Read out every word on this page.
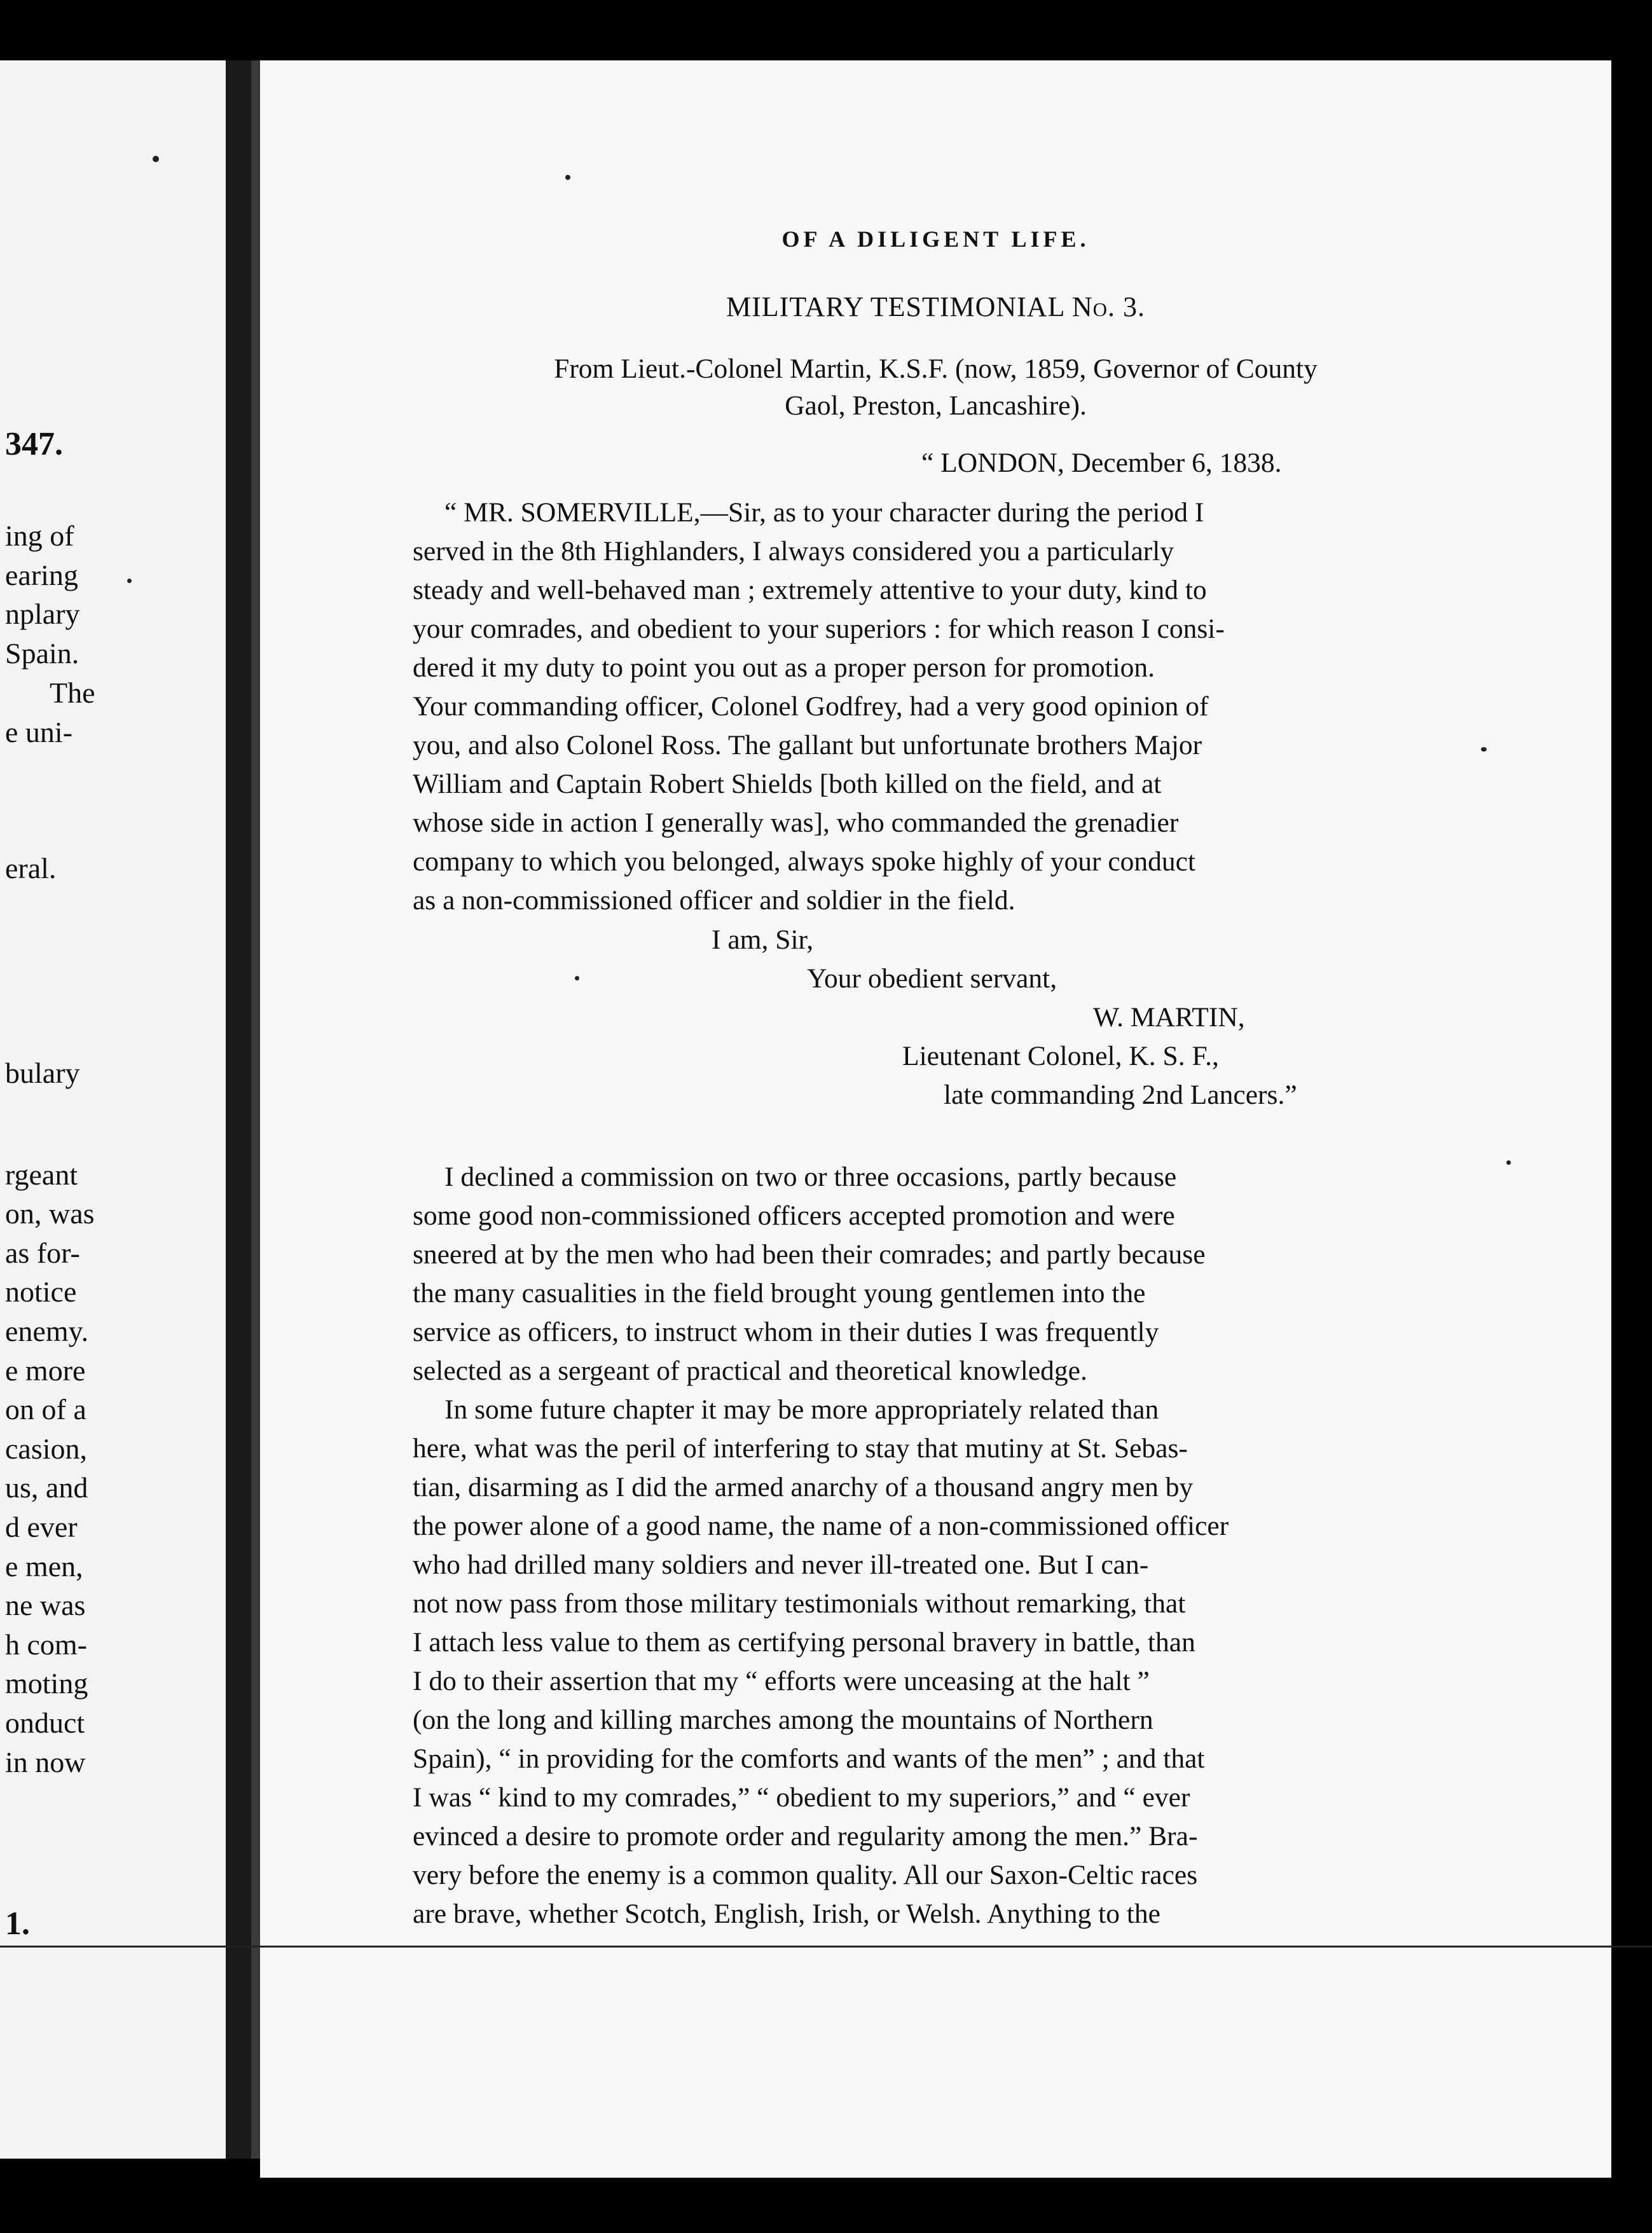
347.
ing of
earing
nplary
Spain.
The
e uni-
eral.
bulary
rgeant
on, was
as for-
notice
enemy.
e more
on of a
casion,
us, and
d ever
e men,
ne was
h com-
moting
onduct
in now
1.
OF A DILIGENT LIFE.
MILITARY TESTIMONIAL No. 3.
From Lieut.-Colonel Martin, K.S.F. (now, 1859, Governor of County
Gaol, Preston, Lancashire).
“ LONDON, December 6, 1838.
“ MR. SOMERVILLE,—Sir, as to your character during the period I
served in the 8th Highlanders, I always considered you a particularly
steady and well-behaved man ; extremely attentive to your duty, kind to
your comrades, and obedient to your superiors : for which reason I consi-
dered it my duty to point you out as a proper person for promotion.
Your commanding officer, Colonel Godfrey, had a very good opinion of
you, and also Colonel Ross. The gallant but unfortunate brothers Major
William and Captain Robert Shields [both killed on the field, and at
whose side in action I generally was], who commanded the grenadier
company to which you belonged, always spoke highly of your conduct
as a non-commissioned officer and soldier in the field.
I am, Sir,
Your obedient servant,
W. MARTIN,
Lieutenant Colonel, K. S. F.,
late commanding 2nd Lancers.”
I declined a commission on two or three occasions, partly because
some good non-commissioned officers accepted promotion and were
sneered at by the men who had been their comrades; and partly because
the many casualities in the field brought young gentlemen into the
service as officers, to instruct whom in their duties I was frequently
selected as a sergeant of practical and theoretical knowledge.
In some future chapter it may be more appropriately related than
here, what was the peril of interfering to stay that mutiny at St. Sebas-
tian, disarming as I did the armed anarchy of a thousand angry men by
the power alone of a good name, the name of a non-commissioned officer
who had drilled many soldiers and never ill-treated one. But I can-
not now pass from those military testimonials without remarking, that
I attach less value to them as certifying personal bravery in battle, than
I do to their assertion that my “ efforts were unceasing at the halt ”
(on the long and killing marches among the mountains of Northern
Spain), “ in providing for the comforts and wants of the men” ; and that
I was “ kind to my comrades,” “ obedient to my superiors,” and “ ever
evinced a desire to promote order and regularity among the men.” Bra-
very before the enemy is a common quality. All our Saxon-Celtic races
are brave, whether Scotch, English, Irish, or Welsh. Anything to the
